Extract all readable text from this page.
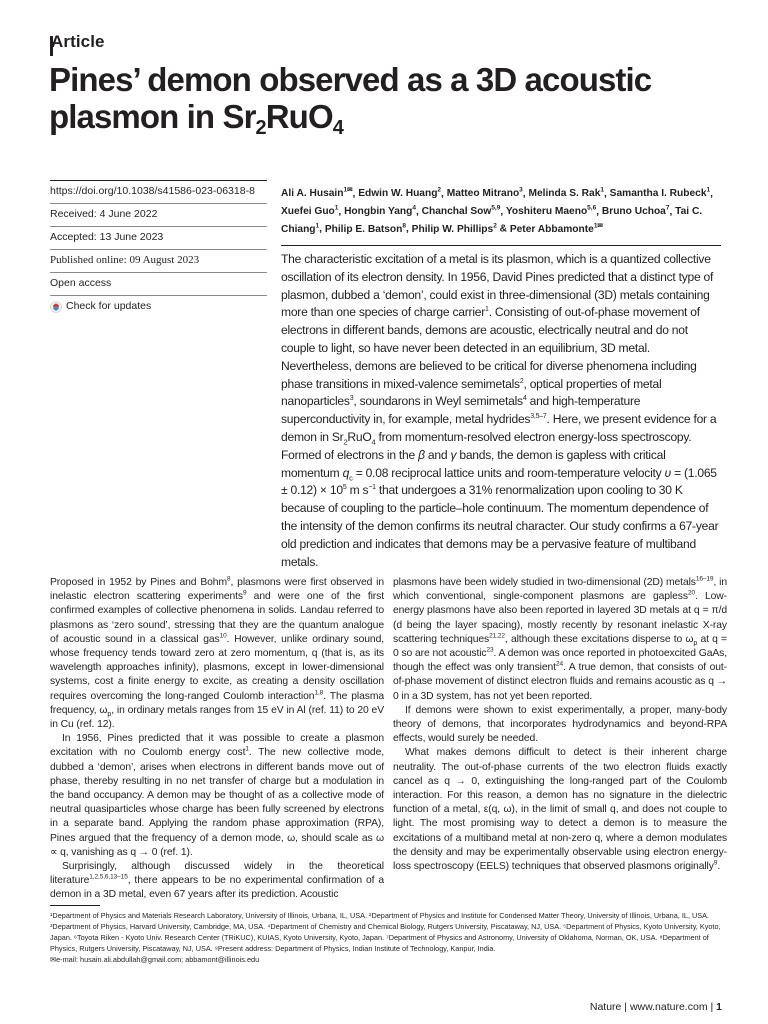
Article
Pines’ demon observed as a 3D acoustic plasmon in $Sr_2RuO_4$
https://doi.org/10.1038/s41586-023-06318-8
Received: 4 June 2022
Accepted: 13 June 2023
Published online: 09 August 2023
Open access
Check for updates
Ali A. Husain$^{1✉}$, Edwin W. Huang$^2$, Matteo Mitrano$^3$, Melinda S. Rak$^1$, Samantha I. Rubeck$^1$, Xuefei Guo$^1$, Hongbin Yang$^4$, Chanchal Sow$^{5,9}$, Yoshiteru Maeno$^{5,6}$, Bruno Uchoa$^7$, Tai C. Chiang$^1$, Philip E. Batson$^8$, Philip W. Phillips$^2$ & Peter Abbamonte$^{1✉}$
The characteristic excitation of a metal is its plasmon, which is a quantized collective oscillation of its electron density. In 1956, David Pines predicted that a distinct type of plasmon, dubbed a ‘demon’, could exist in three-dimensional (3D) metals containing more than one species of charge carrier$^1$. Consisting of out-of-phase movement of electrons in different bands, demons are acoustic, electrically neutral and do not couple to light, so have never been detected in an equilibrium, 3D metal. Nevertheless, demons are believed to be critical for diverse phenomena including phase transitions in mixed-valence semimetals$^2$, optical properties of metal nanoparticles$^3$, soundarons in Weyl semimetals$^4$ and high-temperature superconductivity in, for example, metal hydrides$^{3,5-7}$. Here, we present evidence for a demon in $Sr_2RuO_4$ from momentum-resolved electron energy-loss spectroscopy. Formed of electrons in the β and γ bands, the demon is gapless with critical momentum $q_c = 0.08$ reciprocal lattice units and room-temperature velocity $\upsilon = (1.065 \pm 0.12) \times 10^5$ m $s^{-1}$ that undergoes a 31% renormalization upon cooling to 30 K because of coupling to the particle–hole continuum. The momentum dependence of the intensity of the demon confirms its neutral character. Our study confirms a 67-year old prediction and indicates that demons may be a pervasive feature of multiband metals.

Proposed in 1952 by Pines and Bohm$^8$, plasmons were first observed in inelastic electron scattering experiments$^9$ and were one of the first confirmed examples of collective phenomena in solids. Landau referred to plasmons as ‘zero sound’, stressing that they are the quantum analogue of acoustic sound in a classical gas$^{10}$. However, unlike ordinary sound, whose frequency tends toward zero at zero momentum, q (that is, as its wavelength approaches infinity), plasmons, except in lower-dimensional systems, cost a finite energy to excite, as creating a density oscillation requires overcoming the long-ranged Coulomb interaction$^{1,8}$. The plasma frequency, $\omega_p$, in ordinary metals ranges from 15 eV in Al (ref. 11) to 20 eV in Cu (ref. 12).

In 1956, Pines predicted that it was possible to create a plasmon excitation with no Coulomb energy cost$^1$. The new collective mode, dubbed a ‘demon’, arises when electrons in different bands move out of phase, thereby resulting in no net transfer of charge but a modulation in the band occupancy. A demon may be thought of as a collective mode of neutral quasiparticles whose charge has been fully screened by electrons in a separate band. Applying the random phase approximation (RPA), Pines argued that the frequency of a demon mode, ω, should scale as ω ∝ q, vanishing as q → 0 (ref. 1).

Surprisingly, although discussed widely in the theoretical literature$^{1,2,5,6,13-15}$, there appears to be no experimental confirmation of a demon in a 3D metal, even 67 years after its prediction. Acoustic

plasmons have been widely studied in two-dimensional (2D) metals$^{16-19}$, in which conventional, single-component plasmons are gapless$^{20}$. Low-energy plasmons have also been reported in layered 3D metals at q = π/d (d being the layer spacing), mostly recently by resonant inelastic X-ray scattering techniques$^{21,22}$, although these excitations disperse to $\omega_p$ at q = 0 so are not acoustic$^{23}$. A demon was once reported in photoexcited GaAs, though the effect was only transient$^{24}$. A true demon, that consists of out-of-phase movement of distinct electron fluids and remains acoustic as q → 0 in a 3D system, has not yet been reported.

If demons were shown to exist experimentally, a proper, many-body theory of demons, that incorporates hydrodynamics and beyond-RPA effects, would surely be needed.

What makes demons difficult to detect is their inherent charge neutrality. The out-of-phase currents of the two electron fluids exactly cancel as q → 0, extinguishing the long-ranged part of the Coulomb interaction. For this reason, a demon has no signature in the dielectric function of a metal, ε(q, ω), in the limit of small q, and does not couple to light. The most promising way to detect a demon is to measure the excitations of a multiband metal at non-zero q, where a demon modulates the density and may be experimentally observable using electron energy-loss spectroscopy (EELS) techniques that observed plasmons originally$^9$.

¹Department of Physics and Materials Research Laboratory, University of Illinois, Urbana, IL, USA. ²Department of Physics and Institute for Condensed Matter Theory, University of Illinois, Urbana, IL, USA. ³Department of Physics, Harvard University, Cambridge, MA, USA. ⁴Department of Chemistry and Chemical Biology, Rutgers University, Piscataway, NJ, USA. ⁵Department of Physics, Kyoto University, Kyoto, Japan. ⁶Toyota Riken - Kyoto Univ. Research Center (TRiKUC), KUIAS, Kyoto University, Kyoto, Japan. ⁷Department of Physics and Astronomy, University of Oklahoma, Norman, OK, USA. ⁸Department of Physics, Rutgers University, Piscataway, NJ, USA. ⁹Present address: Department of Physics, Indian Institute of Technology, Kanpur, India.

✉e-mail: husain.ali.abdullah@gmail.com; abbamont@illinois.edu
Nature | www.nature.com | 1
